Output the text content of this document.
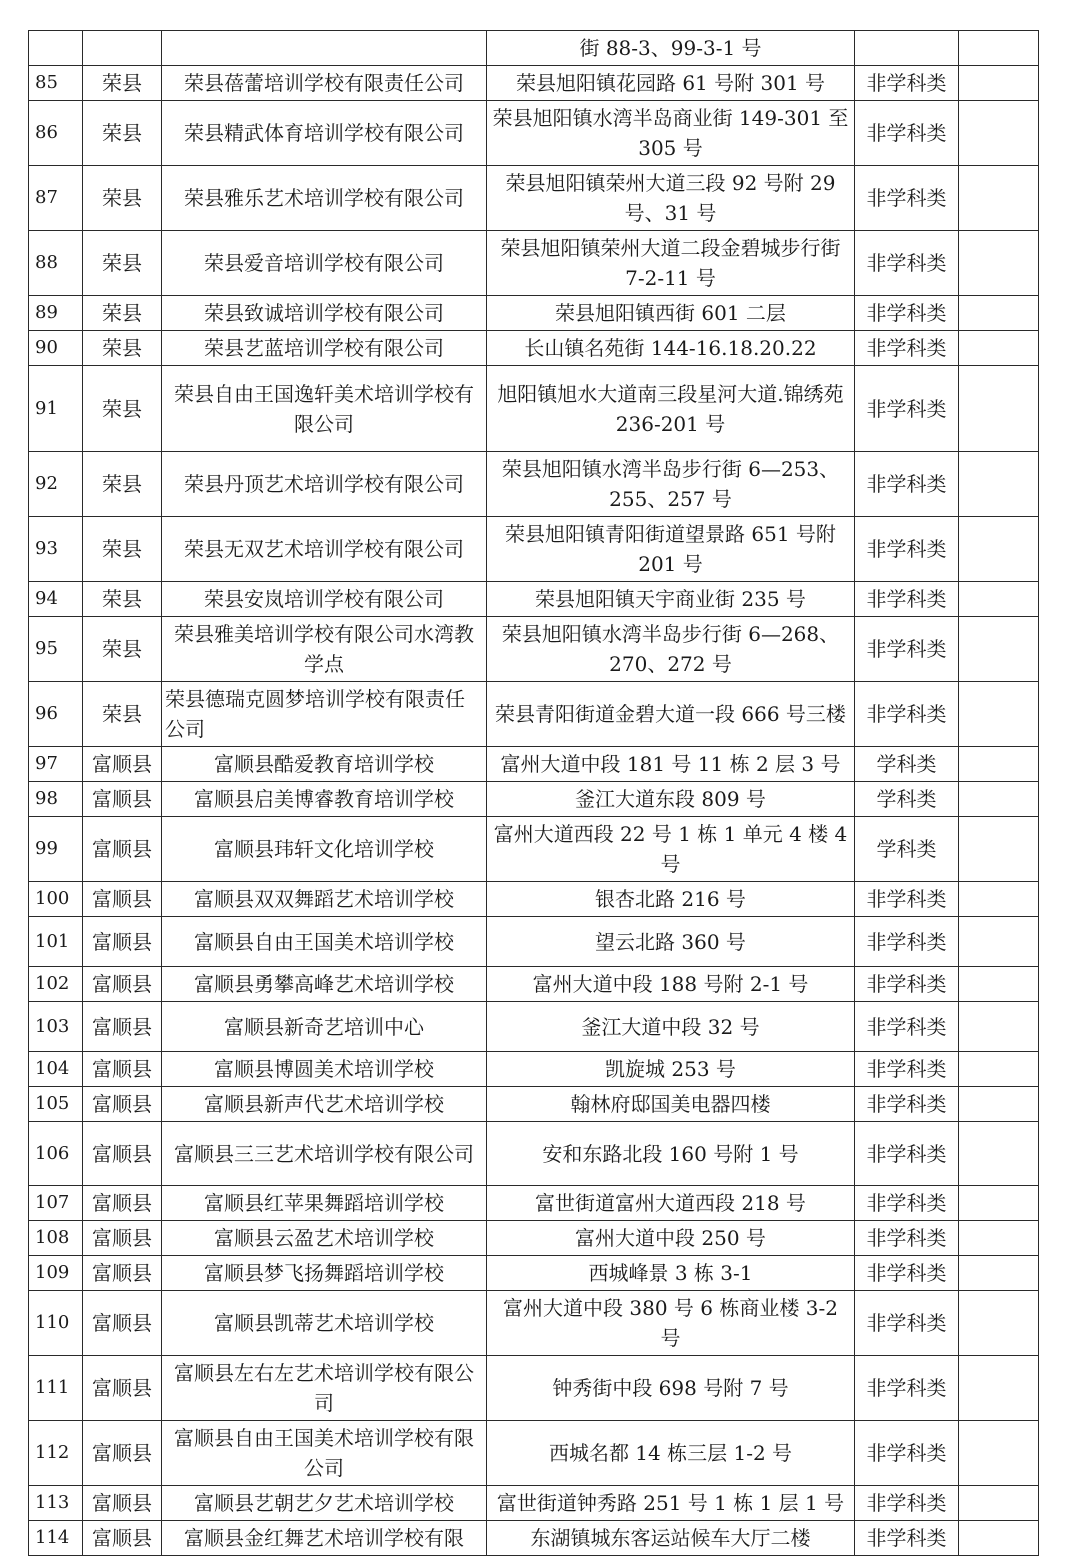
			街 88-3、99-3-1 号		
85	荣县	荣县蓓蕾培训学校有限责任公司	荣县旭阳镇花园路 61 号附 301 号	非学科类	
86	荣县	荣县精武体育培训学校有限公司	荣县旭阳镇水湾半岛商业街 149-301 至 305 号	非学科类	
87	荣县	荣县雅乐艺术培训学校有限公司	荣县旭阳镇荣州大道三段 92 号附 29 号、31 号	非学科类	
88	荣县	荣县爱音培训学校有限公司	荣县旭阳镇荣州大道二段金碧城步行街 7-2-11 号	非学科类	
89	荣县	荣县致诚培训学校有限公司	荣县旭阳镇西街 601 二层	非学科类	
90	荣县	荣县艺蓝培训学校有限公司	长山镇名苑街 144-16.18.20.22	非学科类	
91	荣县	荣县自由王国逸轩美术培训学校有限公司	旭阳镇旭水大道南三段星河大道.锦绣苑 236-201 号	非学科类	
92	荣县	荣县丹顶艺术培训学校有限公司	荣县旭阳镇水湾半岛步行街 6—253、255、257 号	非学科类	
93	荣县	荣县无双艺术培训学校有限公司	荣县旭阳镇青阳街道望景路 651 号附 201 号	非学科类	
94	荣县	荣县安岚培训学校有限公司	荣县旭阳镇天宇商业街 235 号	非学科类	
95	荣县	荣县雅美培训学校有限公司水湾教学点	荣县旭阳镇水湾半岛步行街 6—268、270、272 号	非学科类	
96	荣县	荣县德瑞克圆梦培训学校有限责任公司	荣县青阳街道金碧大道一段 666 号三楼	非学科类	
97	富顺县	富顺县酷爱教育培训学校	富州大道中段 181 号 11 栋 2 层 3 号	学科类	
98	富顺县	富顺县启美博睿教育培训学校	釜江大道东段 809 号	学科类	
99	富顺县	富顺县玮轩文化培训学校	富州大道西段 22 号 1 栋 1 单元 4 楼 4 号	学科类	
100	富顺县	富顺县双双舞蹈艺术培训学校	银杏北路 216 号	非学科类	
101	富顺县	富顺县自由王国美术培训学校	望云北路 360 号	非学科类	
102	富顺县	富顺县勇攀高峰艺术培训学校	富州大道中段 188 号附 2-1 号	非学科类	
103	富顺县	富顺县新奇艺培训中心	釜江大道中段 32 号	非学科类	
104	富顺县	富顺县博圆美术培训学校	凯旋城 253 号	非学科类	
105	富顺县	富顺县新声代艺术培训学校	翰林府邸国美电器四楼	非学科类	
106	富顺县	富顺县三三艺术培训学校有限公司	安和东路北段 160 号附 1 号	非学科类	
107	富顺县	富顺县红苹果舞蹈培训学校	富世街道富州大道西段 218 号	非学科类	
108	富顺县	富顺县云盈艺术培训学校	富州大道中段 250 号	非学科类	
109	富顺县	富顺县梦飞扬舞蹈培训学校	西城峰景 3 栋 3-1	非学科类	
110	富顺县	富顺县凯蒂艺术培训学校	富州大道中段 380 号 6 栋商业楼 3-2 号	非学科类	
111	富顺县	富顺县左右左艺术培训学校有限公司	钟秀街中段 698 号附 7 号	非学科类	
112	富顺县	富顺县自由王国美术培训学校有限公司	西城名都 14 栋三层 1-2 号	非学科类	
113	富顺县	富顺县艺朝艺夕艺术培训学校	富世街道钟秀路 251 号 1 栋 1 层 1 号	非学科类	
114	富顺县	富顺县金红舞艺术培训学校有限	东湖镇城东客运站候车大厅二楼	非学科类	
